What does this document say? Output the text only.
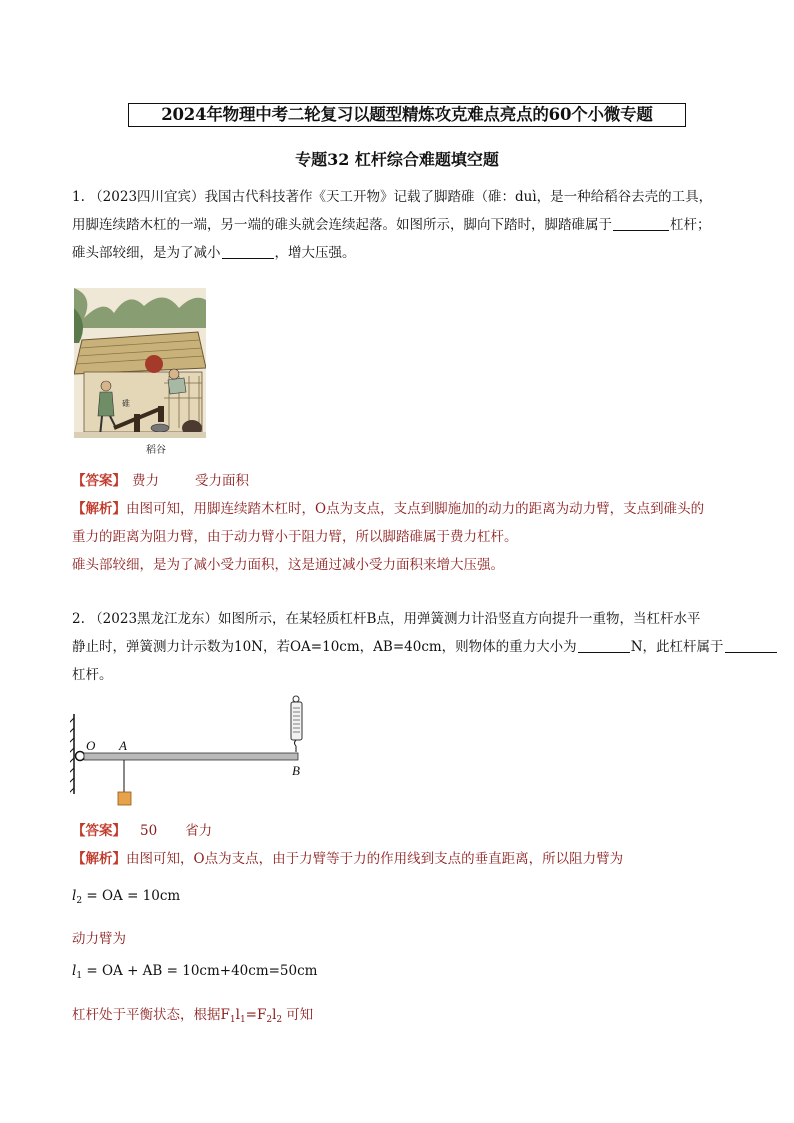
2024年物理中考二轮复习以题型精炼攻克难点亮点的60个小微专题
专题32 杠杆综合难题填空题

1. （2023四川宜宾）我国古代科技著作《天工开物》记载了脚踏碓（碓：duì，是一种给稻谷去壳的工具，

用脚连续踏木杠的一端，另一端的碓头就会连续起落。如图所示，脚向下踏时，脚踏碓属于	杠杆；

碓头部较细，是为了减小	，增大压强。

碓
稻谷

【答案】 费力	受力面积

【解析】由图可知，用脚连续踏木杠时，O点为支点，支点到脚施加的动力的距离为动力臂，支点到碓头的

重力的距离为阻力臂，由于动力臂小于阻力臂，所以脚踏碓属于费力杠杆。

碓头部较细，是为了减小受力面积，这是通过减小受力面积来增大压强。

2. （2023黑龙江龙东）如图所示，在某轻质杠杆B点，用弹簧测力计沿竖直方向提升一重物，当杠杆水平

静止时，弹簧测力计示数为10N，若OA=10cm，AB=40cm，则物体的重力大小为	N，此杠杆属于

杠杆。

O A
B

【答案】 50 省力

【解析】由图可知，O点为支点，由于力臂等于力的作用线到支点的垂直距离，所以阻力臂为

$l_2$ = OA = 10cm
动力臂为
$l_1$ = OA + AB = 10cm+40cm=50cm
杠杆处于平衡状态，根据$F_1l_1=F_2l_2$ 可知
